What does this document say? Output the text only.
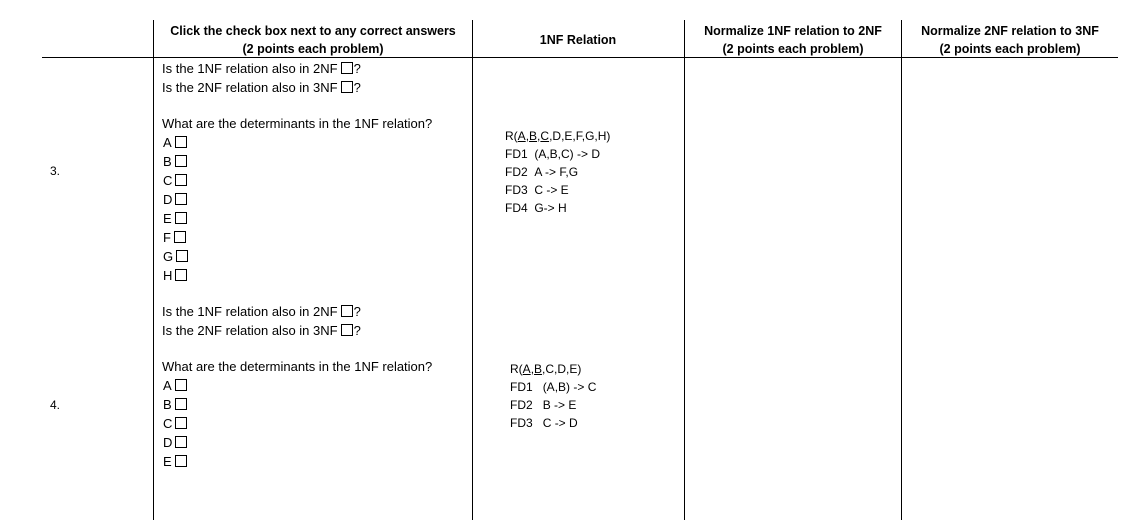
Click the check box next to any correct answers
(2 points each problem)
1NF Relation
Normalize 1NF relation to 2NF
(2 points each problem)
Normalize 2NF relation to 3NF
(2 points each problem)
3.
Is the 1NF relation also in 2NF ?
Is the 2NF relation also in 3NF ?
What are the determinants in the 1NF relation?
A
B
C
D
E
F
G
H
R(A,B,C,D,E,F,G,H)
FD1 (A,B,C) -> D
FD2 A -> F,G
FD3 C -> E
FD4 G-> H
4.
Is the 1NF relation also in 2NF ?
Is the 2NF relation also in 3NF ?
What are the determinants in the 1NF relation?
A
B
C
D
E
R(A,B,C,D,E)
FD1 (A,B) -> C
FD2 B -> E
FD3 C -> D
